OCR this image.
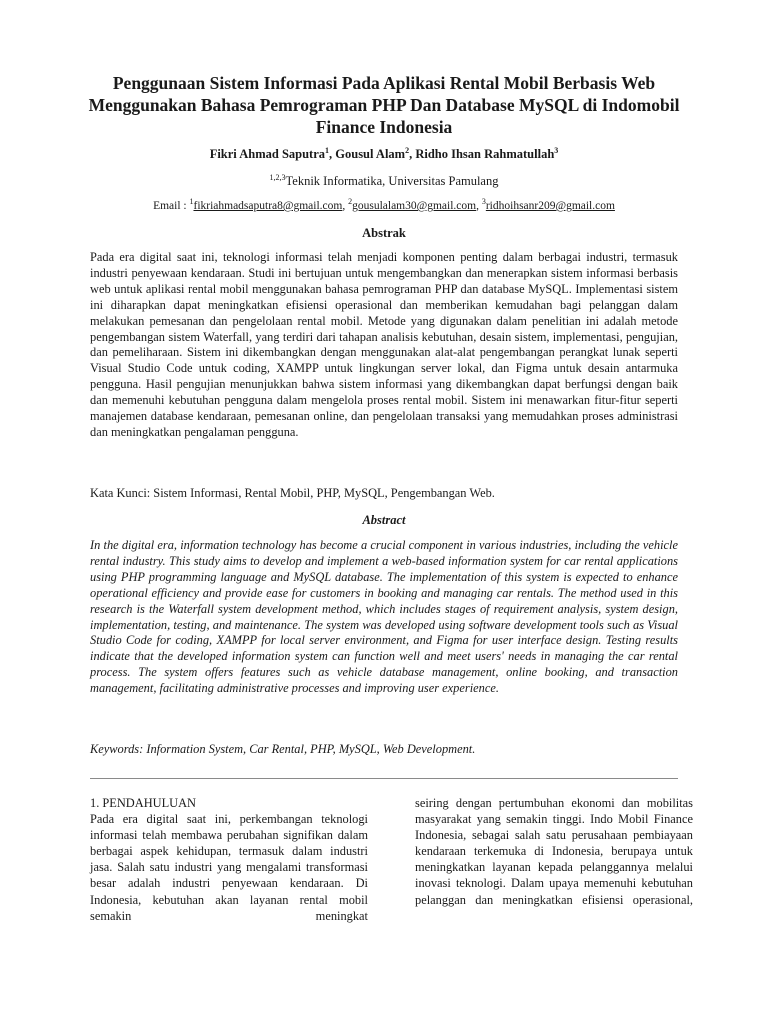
Penggunaan Sistem Informasi Pada Aplikasi Rental Mobil Berbasis Web Menggunakan Bahasa Pemrograman PHP Dan Database MySQL di Indomobil Finance Indonesia

Fikri Ahmad Saputra$^1$, Gousul Alam$^2$, Ridho Ihsan Rahmatullah$^3$

$^{1,2,3}$Teknik Informatika, Universitas Pamulang

Email : $^1$fikriahmadsaputra8@gmail.com, $^2$gousulalam30@gmail.com, $^3$ridhoihsanr209@gmail.com

Abstrak

Pada era digital saat ini, teknologi informasi telah menjadi komponen penting dalam berbagai industri, termasuk industri penyewaan kendaraan. Studi ini bertujuan untuk mengembangkan dan menerapkan sistem informasi berbasis web untuk aplikasi rental mobil menggunakan bahasa pemrograman PHP dan database MySQL. Implementasi sistem ini diharapkan dapat meningkatkan efisiensi operasional dan memberikan kemudahan bagi pelanggan dalam melakukan pemesanan dan pengelolaan rental mobil. Metode yang digunakan dalam penelitian ini adalah metode pengembangan sistem Waterfall, yang terdiri dari tahapan analisis kebutuhan, desain sistem, implementasi, pengujian, dan pemeliharaan. Sistem ini dikembangkan dengan menggunakan alat-alat pengembangan perangkat lunak seperti Visual Studio Code untuk coding, XAMPP untuk lingkungan server lokal, dan Figma untuk desain antarmuka pengguna. Hasil pengujian menunjukkan bahwa sistem informasi yang dikembangkan dapat berfungsi dengan baik dan memenuhi kebutuhan pengguna dalam mengelola proses rental mobil. Sistem ini menawarkan fitur-fitur seperti manajemen database kendaraan, pemesanan online, dan pengelolaan transaksi yang memudahkan proses administrasi dan meningkatkan pengalaman pengguna.

Kata Kunci: Sistem Informasi, Rental Mobil, PHP, MySQL, Pengembangan Web.

Abstract

In the digital era, information technology has become a crucial component in various industries, including the vehicle rental industry. This study aims to develop and implement a web-based information system for car rental applications using PHP programming language and MySQL database. The implementation of this system is expected to enhance operational efficiency and provide ease for customers in booking and managing car rentals. The method used in this research is the Waterfall system development method, which includes stages of requirement analysis, system design, implementation, testing, and maintenance. The system was developed using software development tools such as Visual Studio Code for coding, XAMPP for local server environment, and Figma for user interface design. Testing results indicate that the developed information system can function well and meet users' needs in managing the car rental process. The system offers features such as vehicle database management, online booking, and transaction management, facilitating administrative processes and improving user experience.

Keywords: Information System, Car Rental, PHP, MySQL, Web Development.

1. PENDAHULUAN

Pada era digital saat ini, perkembangan teknologi informasi telah membawa perubahan signifikan dalam berbagai aspek kehidupan, termasuk dalam industri jasa. Salah satu industri yang mengalami transformasi besar adalah industri penyewaan kendaraan. Di Indonesia, kebutuhan akan layanan rental mobil semakin meningkat

seiring dengan pertumbuhan ekonomi dan mobilitas masyarakat yang semakin tinggi. Indo Mobil Finance Indonesia, sebagai salah satu perusahaan pembiayaan kendaraan terkemuka di Indonesia, berupaya untuk meningkatkan layanan kepada pelanggannya melalui inovasi teknologi. Dalam upaya memenuhi kebutuhan pelanggan dan meningkatkan efisiensi operasional,
